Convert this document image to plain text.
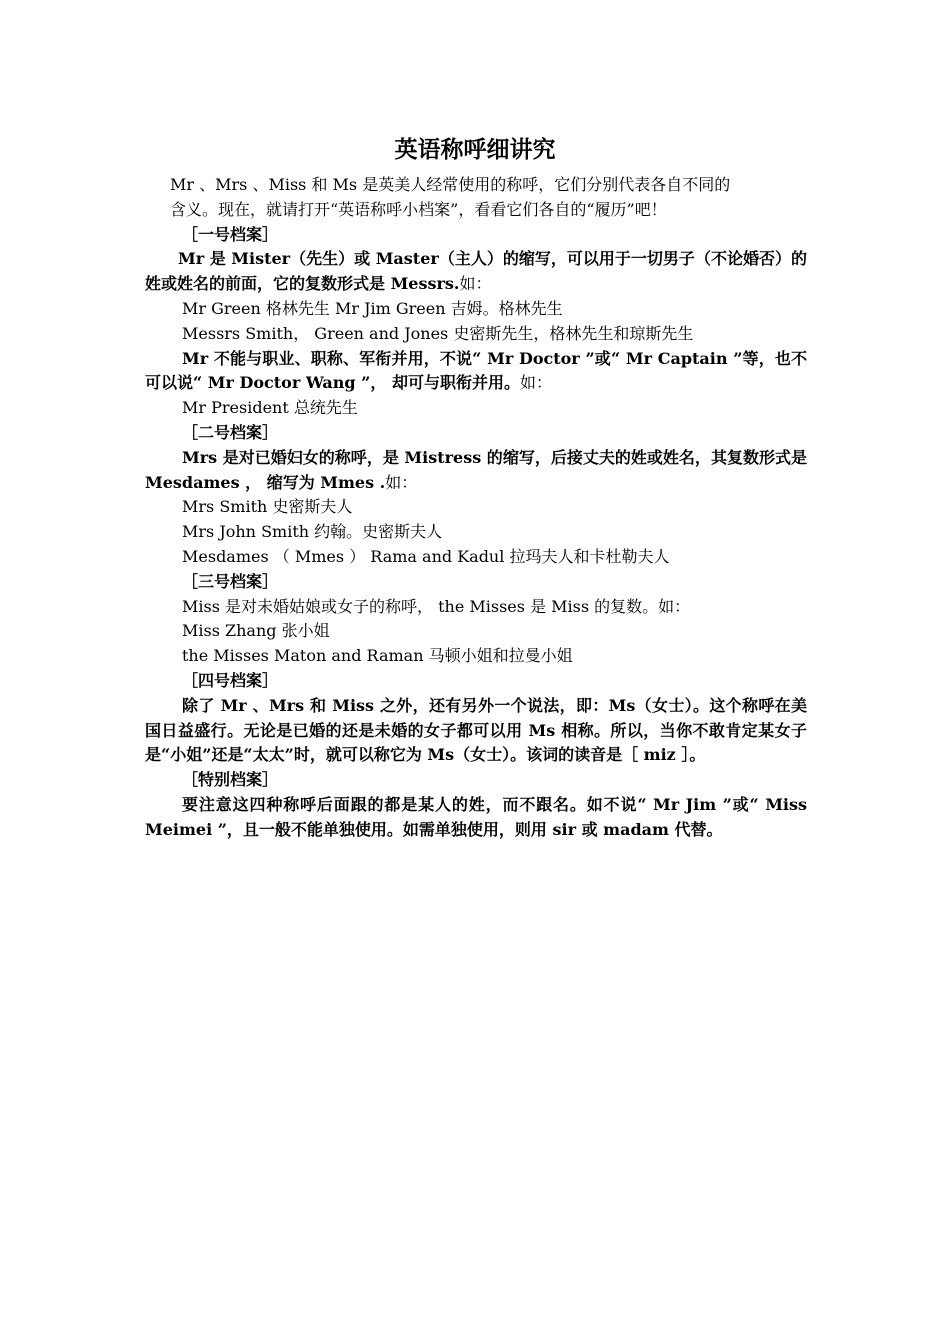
英语称呼细讲究

Mr 、Mrs 、Miss 和 Ms 是英美人经常使用的称呼，它们分别代表各自不同的

含义。现在，就请打开“英语称呼小档案”，看看它们各自的“履历”吧！

［一号档案］

Mr 是 Mister（先生）或 Master（主人）的缩写，可以用于一切男子（不论婚否）的姓或姓名的前面，它的复数形式是 Messrs.如：

Mr Green 格林先生 Mr Jim Green 吉姆。格林先生

Messrs Smith， Green and Jones 史密斯先生，格林先生和琼斯先生

Mr 不能与职业、职称、军衔并用，不说“ Mr Doctor ”或“ Mr Captain ”等，也不可以说“ Mr Doctor Wang ”， 却可与职衔并用。如：

Mr President 总统先生

［二号档案］

Mrs 是对已婚妇女的称呼，是 Mistress 的缩写，后接丈夫的姓或姓名，其复数形式是 Mesdames ， 缩写为 Mmes .如：

Mrs Smith 史密斯夫人

Mrs John Smith 约翰。史密斯夫人

Mesdames （ Mmes ） Rama and Kadul 拉玛夫人和卡杜勒夫人

［三号档案］

Miss 是对未婚姑娘或女子的称呼， the Misses 是 Miss 的复数。如：

Miss Zhang 张小姐

the Misses Maton and Raman 马顿小姐和拉曼小姐

［四号档案］

除了 Mr 、Mrs 和 Miss 之外，还有另外一个说法，即：Ms（女士）。这个称呼在美国日益盛行。无论是已婚的还是未婚的女子都可以用 Ms 相称。所以，当你不敢肯定某女子是“小姐”还是“太太”时，就可以称它为 Ms（女士）。该词的读音是［ miz ］。

［特别档案］

要注意这四种称呼后面跟的都是某人的姓，而不跟名。如不说“ Mr Jim ”或“ Miss Meimei ”，且一般不能单独使用。如需单独使用，则用 sir 或 madam 代替。
